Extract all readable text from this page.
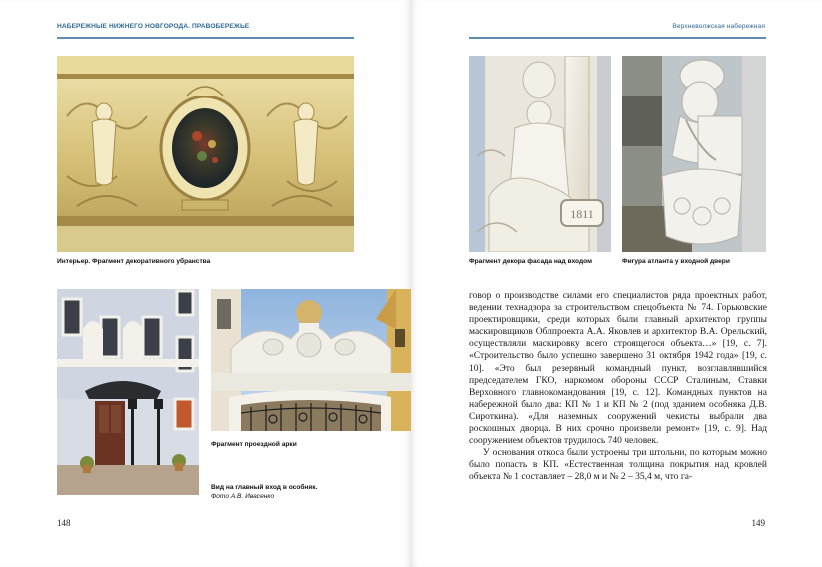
НАБЕРЕЖНЫЕ НИЖНЕГО НОВГОРОДА. ПРАВОБЕРЕЖЬЕ
Интерьер. Фрагмент декоративного убранства
Фрагмент проездной арки
Вид на главный вход в особняк.
Фото А.В. Ивасенко
148
Верхневолжская набережная
1811
Фрагмент декора фасада над входом	Фигура атланта у входной двери

говор о производстве силами его специалистов ряда проектных работ, ведении технадзора за строительством спецобъекта № 74. Горьковские проектировщики, среди которых были главный архитектор группы маскировщиков Облпроекта А.А. Яковлев и архитектор В.А. Орельский, осуществляли маскировку всего строящегося объекта…» [19, с. 7]. «Строительство было успешно завершено 31 октября 1942 года» [19, с. 10]. «Это был резервный командный пункт, возглавлявшийся председателем ГКО, наркомом обороны СССР Сталиным, Ставки Верховного главнокомандования [19, с. 12]. Командных пунктов на набережной было два: КП № 1 и КП № 2 (под зданием особняка Д.В. Сироткина). «Для наземных сооружений чекисты выбрали два роскошных дворца. В них срочно произвели ремонт» [19, с. 9]. Над сооружением объектов трудилось 740 человек.

У основания откоса были устроены три штольни, по которым можно было попасть в КП. «Естественная толщина покрытия над кровлей объекта № 1 составляет – 28,0 м и № 2 – 35,4 м, что га-

149
